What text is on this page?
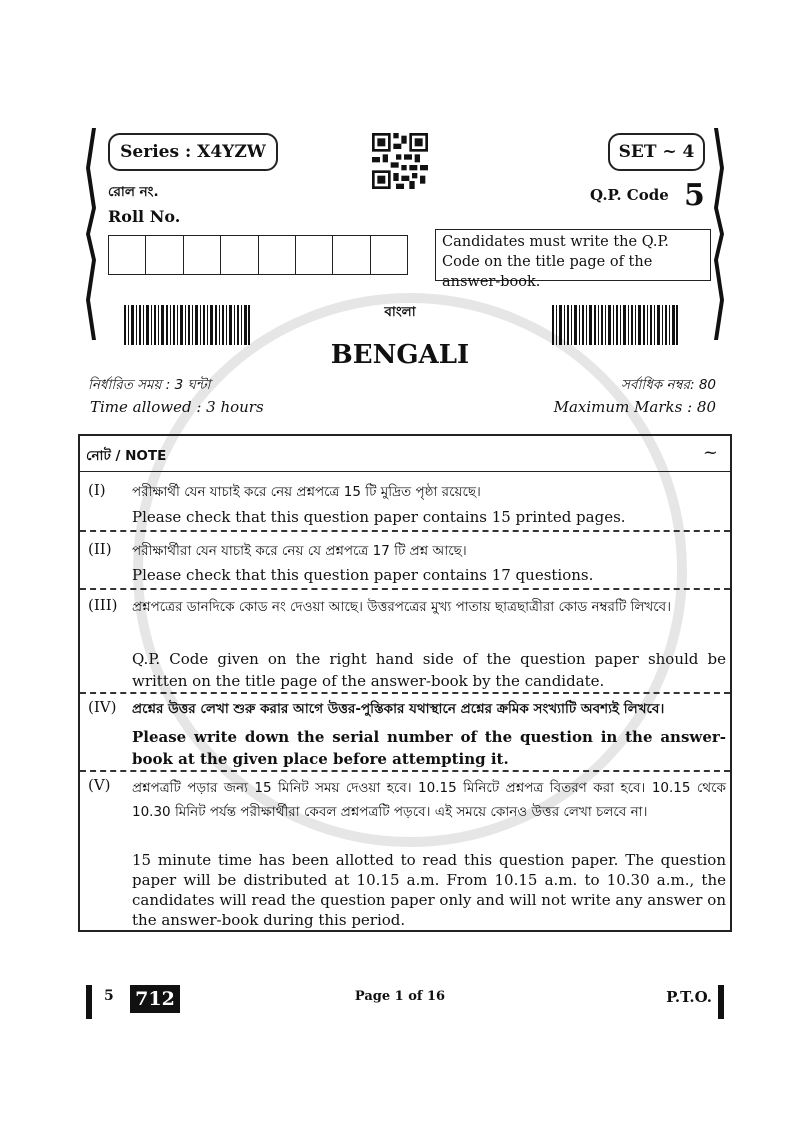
Series : X4YZW	SET ~ 4
রোল নং.
Roll No.
Q.P. Code 5
Candidates must write the Q.P. Code on the title page of the answer-book.
বাংলা
BENGALI
নির্ধারিত সময় : 3 ঘন্টা
Time allowed : 3 hours
সর্বাধিক নম্বর: 80
Maximum Marks : 80
নোট / NOTE	~
(I) পরীক্ষার্থী যেন যাচাই করে নেয় প্রশ্নপত্রে 15 টি মুদ্রিত পৃষ্ঠা রয়েছে।
Please check that this question paper contains 15 printed pages.
(II) পরীক্ষার্থীরা যেন যাচাই করে নেয় যে প্রশ্নপত্রে 17 টি প্রশ্ন আছে।
Please check that this question paper contains 17 questions.
(III) প্রশ্নপত্রের ডানদিকে কোড নং দেওয়া আছে। উত্তরপত্রের মুখ্য পাতায় ছাত্রছাত্রীরা কোড নম্বরটি লিখবে।
Q.P. Code given on the right hand side of the question paper should be written on the title page of the answer-book by the candidate.
(IV) প্রশ্নের উত্তর লেখা শুরু করার আগে উত্তর-পুস্তিকার যথাস্থানে প্রশ্নের ক্রমিক সংখ্যাটি অবশ্যই লিখবে।
Please write down the serial number of the question in the answer-book at the given place before attempting it.
(V) প্রশ্নপত্রটি পড়ার জন্য 15 মিনিট সময় দেওয়া হবে। 10.15 মিনিটে প্রশ্নপত্র বিতরণ করা হবে। 10.15 থেকে 10.30 মিনিট পর্যন্ত পরীক্ষার্থীরা কেবল প্রশ্নপত্রটি পড়বে। এই সময়ে কোনও উত্তর লেখা চলবে না।
15 minute time has been allotted to read this question paper. The question paper will be distributed at 10.15 a.m. From 10.15 a.m. to 10.30 a.m., the candidates will read the question paper only and will not write any answer on the answer-book during this period.
5 712	Page 1 of 16	P.T.O.
